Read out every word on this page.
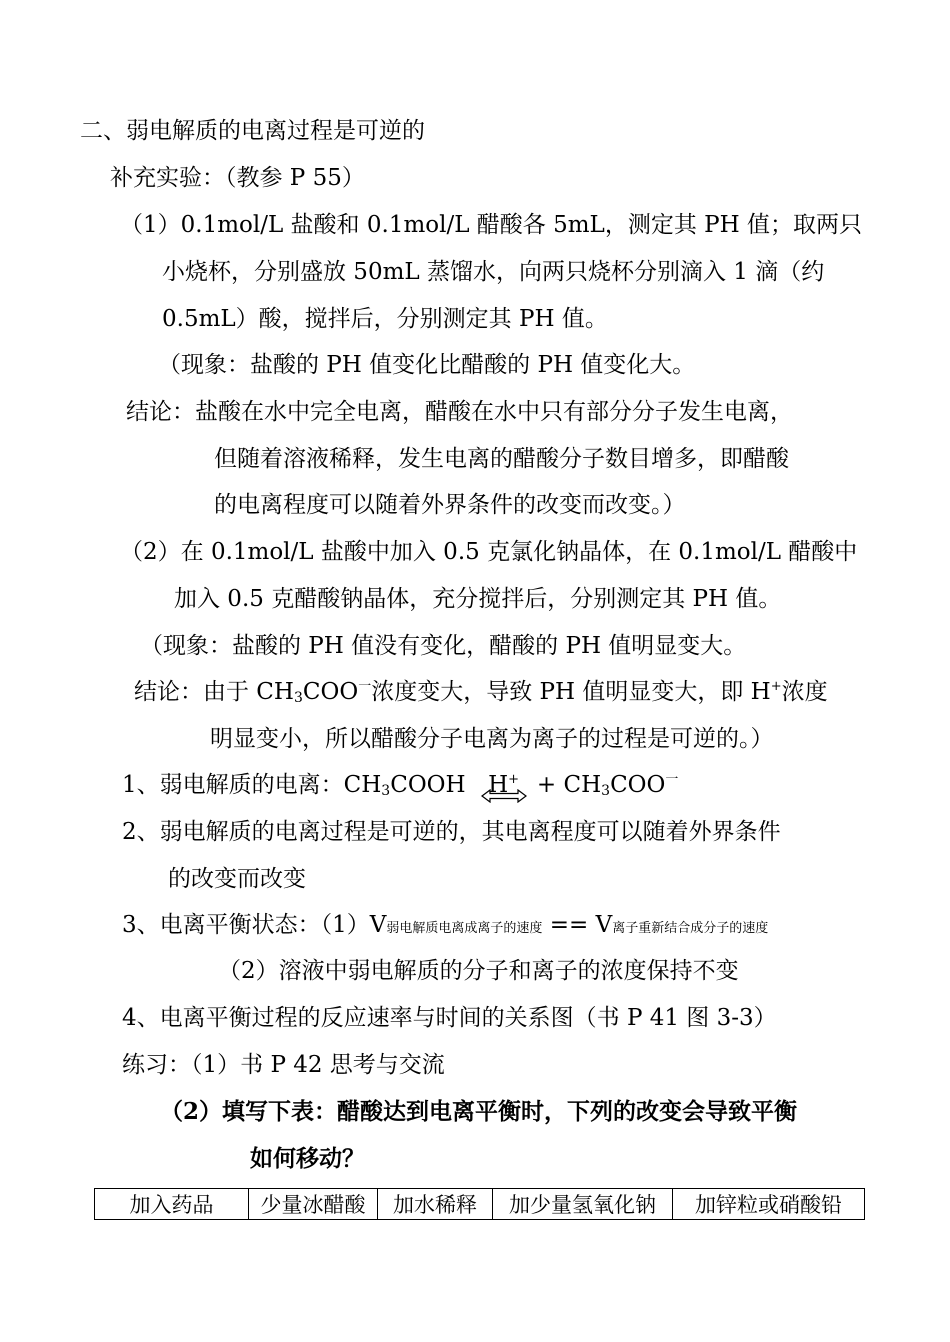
二、弱电解质的电离过程是可逆的
补充实验：（教参 P 55）
（1）0.1mol/L 盐酸和 0.1mol/L 醋酸各 5mL，测定其 PH 值；取两只
小烧杯，分别盛放 50mL 蒸馏水，向两只烧杯分别滴入 1 滴（约
0.5mL）酸，搅拌后，分别测定其 PH 值。
（现象：盐酸的 PH 值变化比醋酸的 PH 值变化大。
结论：盐酸在水中完全电离，醋酸在水中只有部分分子发生电离，
但随着溶液稀释，发生电离的醋酸分子数目增多，即醋酸
的电离程度可以随着外界条件的改变而改变。）
（2）在 0.1mol/L 盐酸中加入 0.5 克氯化钠晶体，在 0.1mol/L 醋酸中
加入 0.5 克醋酸钠晶体，充分搅拌后，分别测定其 PH 值。
（现象：盐酸的 PH 值没有变化，醋酸的 PH 值明显变大。
结论：由于 $CH_3COO^一$浓度变大，导致 PH 值明显变大，即 H+浓度
明显变小，所以醋酸分子电离为离子的过程是可逆的。）
1、弱电解质的电离：$CH_3COOH$ H+
+ $CH_3COO^一$
2、弱电解质的电离过程是可逆的，其电离程度可以随着外界条件
的改变而改变
3、电离平衡状态：（1）V弱电解质电离成离子的速度 == V离子重新结合成分子的速度
（2）溶液中弱电解质的分子和离子的浓度保持不变
4、电离平衡过程的反应速率与时间的关系图（书 P 41 图 3-3）
练习：（1）书 P 42 思考与交流
（2）填写下表：醋酸达到电离平衡时，下列的改变会导致平衡
如何移动？
加入药品	少量冰醋酸	加水稀释	加少量氢氧化钠	加锌粒或硝酸铅
